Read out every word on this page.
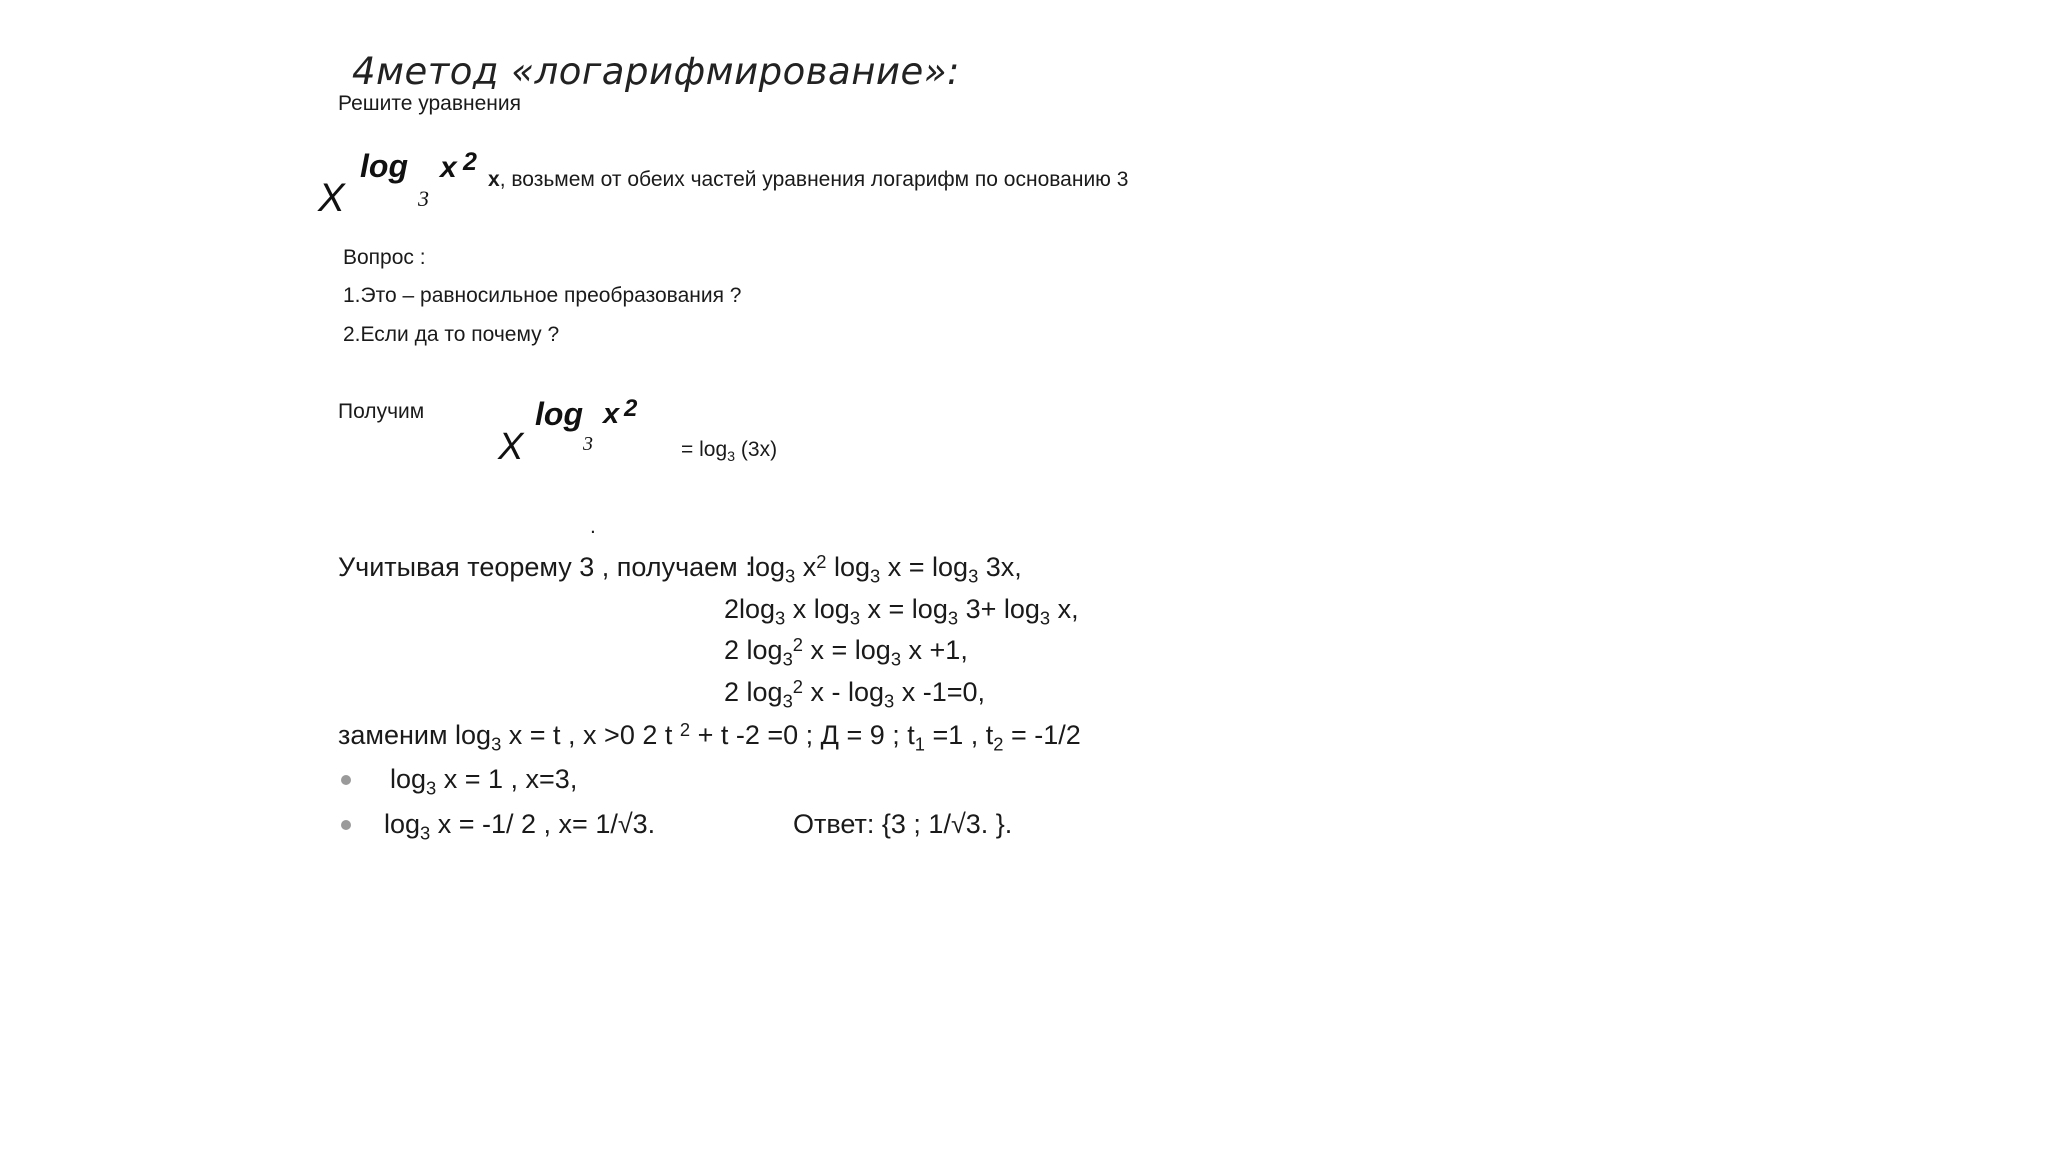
4метод «логарифмирование»:
Решите уравнения
X
log
3
x 2
x, возьмем от обеих частей уравнения логарифм по основанию 3
Вопрос :
1.Это – равносильное преобразования ?
2.Если да то почему ?
Получим
X
log
3
x 2
= $\log_3 (3x)$
.
Учитывая теорему 3 , получаем :
$\log_3 x^2$ $\log_3 x = \log_3 3x$,
$2\log_3$ x $\log_3 x = \log_3 3+ \log_3 x$,
2 $\log_3^2 x = \log_3 x +1$,
2 $\log_3^2 x - \log_3 x$ -1=0,
заменим $\log_3 x = t$ , x >0 2 t $^2$ + t -2 =0 ; Д = 9 ; $t_1 =1$ , $t_2 = -1/2$
$\log_3 x = 1$ , x=3,
$\log_3 x = -1/$ 2 , x= 1/√3.	Ответ: {3 ; 1/√3. }.
